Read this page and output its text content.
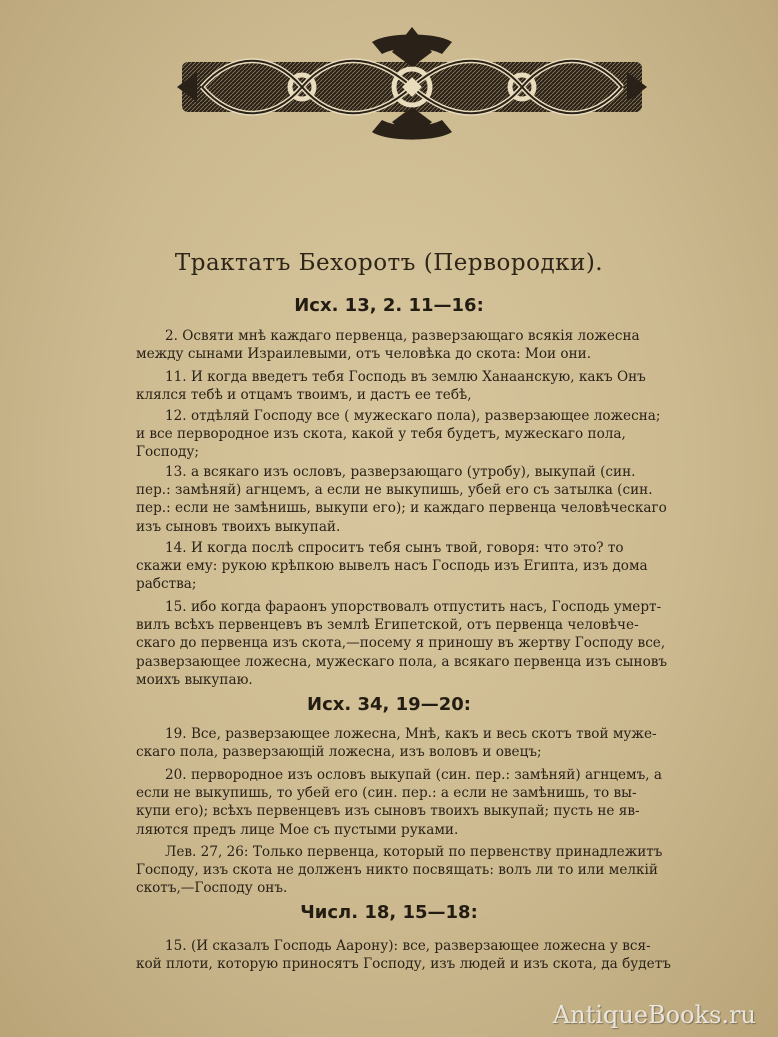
Трактатъ Бехоротъ (Первородки).
Исх. 13, 2. 11—16:
2. Освяти мнѣ каждаго первенца, разверзающаго всякія ложесна
между сынами Израилевыми, отъ человѣка до скота: Мои они.
11. И когда введетъ тебя Господь въ землю Ханаанскую, какъ Онъ
клялся тебѣ и отцамъ твоимъ, и дастъ ее тебѣ,
12. отдѣляй Господу все ( мужескаго пола), разверзающее ложесна;
и все первородное изъ скота, какой у тебя будетъ, мужескаго пола,
Господу;
13. а всякаго изъ ословъ, разверзающаго (утробу), выкупай (син.
пер.: замѣняй) агнцемъ, а если не выкупишь, убей его съ затылка (син.
пер.: если не замѣнишь, выкупи его); и каждаго первенца человѣческаго
изъ сыновъ твоихъ выкупай.
14. И когда послѣ спроситъ тебя сынъ твой, говоря: что это? то
скажи ему: рукою крѣпкою вывелъ насъ Господь изъ Египта, изъ дома
рабства;
15. ибо когда фараонъ упорствовалъ отпустить насъ, Господь умерт-
вилъ всѣхъ первенцевъ въ землѣ Египетской, отъ первенца человѣче-
скаго до первенца изъ скота,—посему я приношу въ жертву Господу все,
разверзающее ложесна, мужескаго пола, а всякаго первенца изъ сыновъ
моихъ выкупаю.
Исх. 34, 19—20:
19. Все, разверзающее ложесна, Мнѣ, какъ и весь скотъ твой муже-
скаго пола, разверзающій ложесна, изъ воловъ и овецъ;
20. первородное изъ ословъ выкупай (син. пер.: замѣняй) агнцемъ, а
если не выкупишь, то убей его (син. пер.: а если не замѣнишь, то вы-
купи его); всѣхъ первенцевъ изъ сыновъ твоихъ выкупай; пусть не яв-
ляются предъ лице Мое съ пустыми руками.
Лев. 27, 26: Только первенца, который по первенству принадлежитъ
Господу, изъ скота не долженъ никто посвящать: волъ ли то или мелкій
скотъ,—Господу онъ.
Числ. 18, 15—18:
15. (И сказалъ Господь Аарону): все, разверзающее ложесна у вся-
кой плоти, которую приносятъ Господу, изъ людей и изъ скота, да будетъ
AntiqueBooks.ru
